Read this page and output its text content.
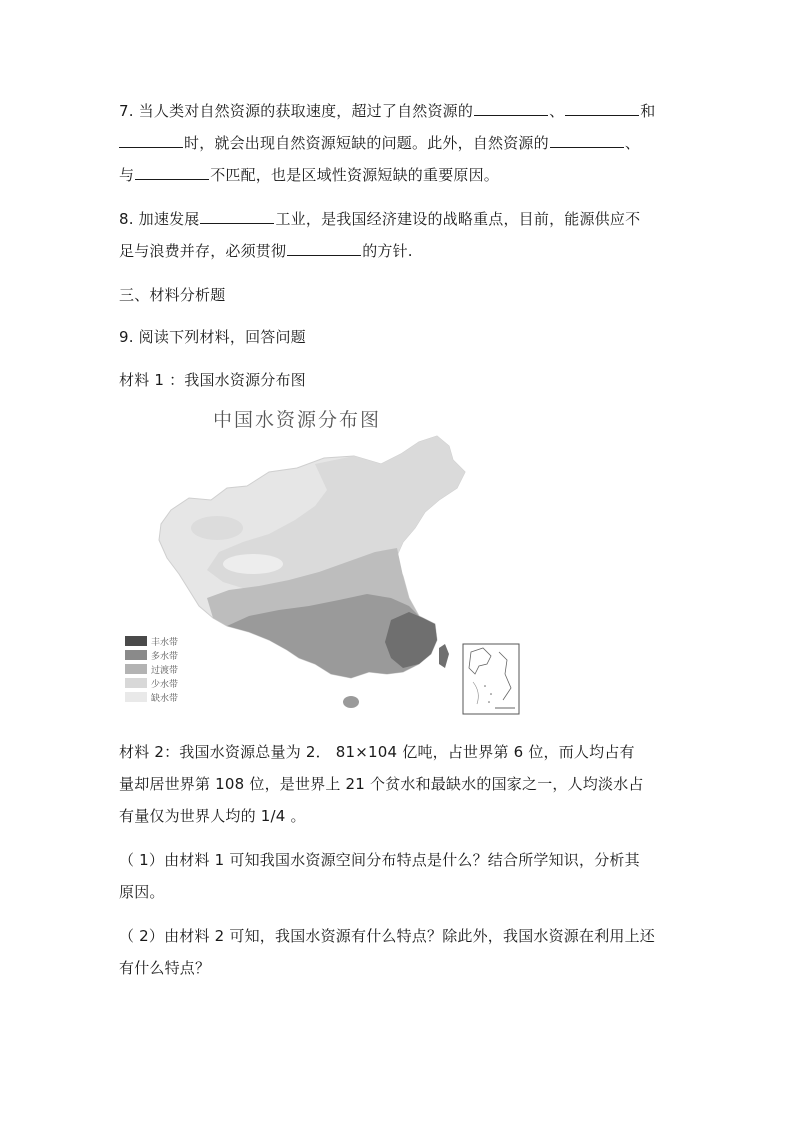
7. 当人类对自然资源的获取速度，超过了自然资源的	、	和
时，就会出现自然资源短缺的问题。此外，自然资源的	、
与	不匹配，也是区域性资源短缺的重要原因。
8. 加速发展	工业，是我国经济建设的战略重点，目前，能源供应不
足与浪费并存，必须贯彻	的方针.
三、材料分析题
9. 阅读下列材料，回答问题
材料 1 ：我国水资源分布图
中国水资源分布图
丰水带
多水带
过渡带
少水带
缺水带
材料 2：我国水资源总量为 2． 81×104 亿吨，占世界第 6 位，而人均占有
量却居世界第 108 位，是世界上 21 个贫水和最缺水的国家之一，人均淡水占
有量仅为世界人均的 1/4 。
（ 1）由材料 1 可知我国水资源空间分布特点是什么？结合所学知识，分析其
原因。
（ 2）由材料 2 可知，我国水资源有什么特点？除此外，我国水资源在利用上还
有什么特点？
